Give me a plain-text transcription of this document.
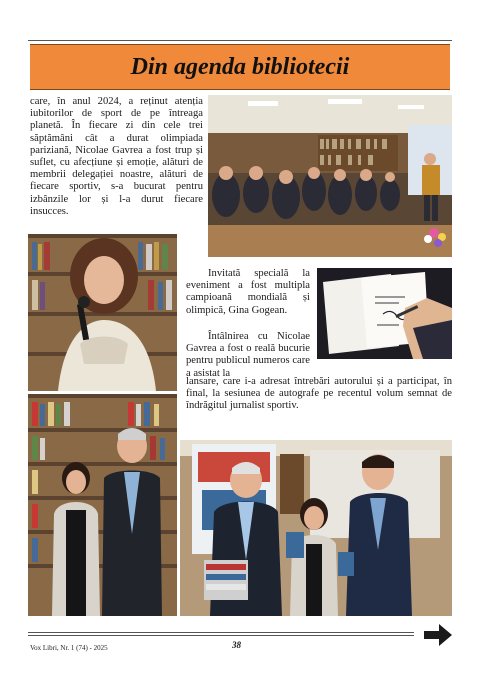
Din agenda bibliotecii

care, în anul 2024, a reținut atenția iubitorilor de sport de pe întreaga planetă. În fiecare zi din cele trei săptămâni cât a durat olimpiada pariziană, Nicolae Gavrea a fost trup și suflet, cu afecțiune și emoție, alături de membrii delegației noastre, alături de fiecare sportiv, s-a bucurat pentru izbânzile lor și l-a durut fiecare insucces.

Invitată specială la eveniment a fost multipla campioană mondială și olimpică, Gina Gogean.

Întâlnirea cu Nicolae Gavrea a fost o reală bucurie pentru publicul numeros care a asistat la

lansare, care i-a adresat întrebări autorului și a participat, în final, la sesiunea de autografe pe recentul volum semnat de îndrăgitul jurnalist sportiv.

Vox Libri, Nr. 1 (74) - 2025	38
